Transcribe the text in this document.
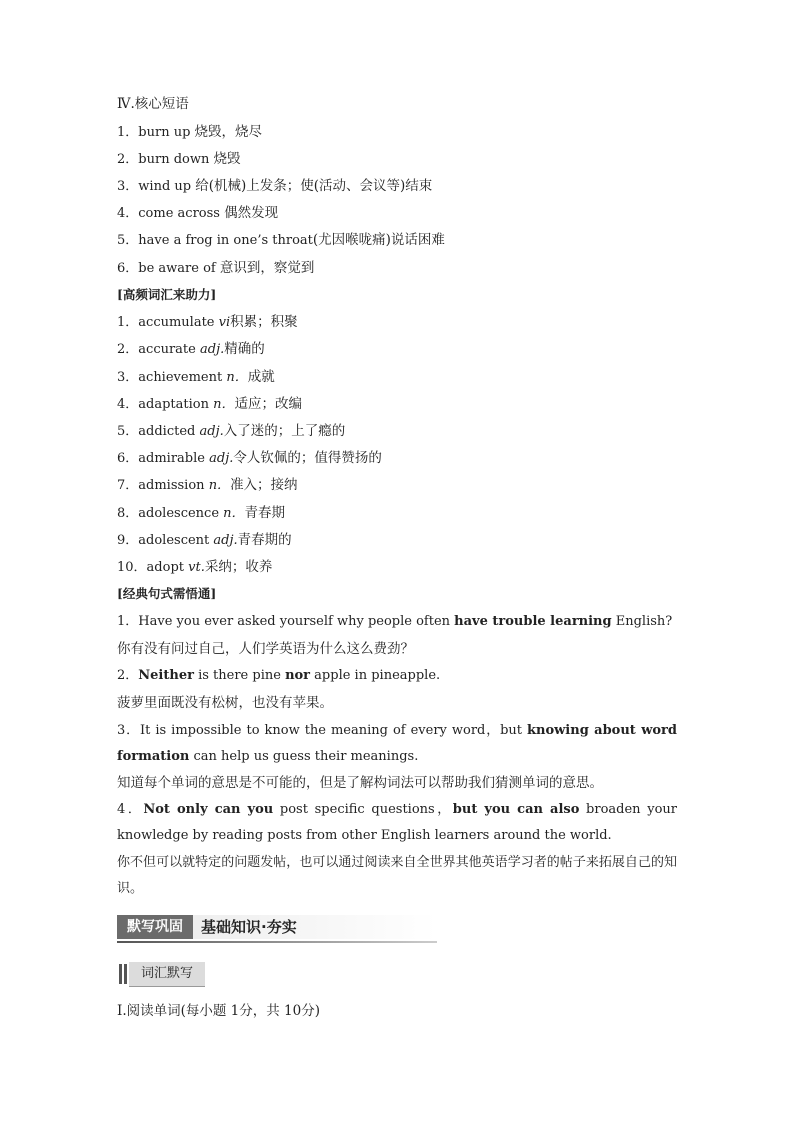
Ⅳ.核心短语
1．burn up 烧毁，烧尽
2．burn down 烧毁
3．wind up 给(机械)上发条；使(活动、会议等)结束
4．come across 偶然发现
5．have a frog in one’s throat(尤因喉咙痛)说话困难
6．be aware of 意识到，察觉到
[高频词汇来助力]
1．accumulate vi积累；积聚
2．accurate adj.精确的
3．achievement n．成就
4．adaptation n．适应；改编
5．addicted adj.入了迷的；上了瘾的
6．admirable adj.令人钦佩的；值得赞扬的
7．admission n．准入；接纳
8．adolescence n．青春期
9．adolescent adj.青春期的
10．adopt vt.采纳；收养
[经典句式需悟通]
1．Have you ever asked yourself why people often have trouble learning English?
你有没有问过自己，人们学英语为什么这么费劲？
2．Neither is there pine nor apple in pineapple.
菠萝里面既没有松树，也没有苹果。
3．It is impossible to know the meaning of every word，but knowing about word formation can help us guess their meanings.
知道每个单词的意思是不可能的，但是了解构词法可以帮助我们猜测单词的意思。
4．Not only can you post specific questions，but you can also broaden your knowledge by reading posts from other English learners around the world.
你不但可以就特定的问题发帖，也可以通过阅读来自全世界其他英语学习者的帖子来拓展自己的知识。
默写巩固	基础知识·夯实
词汇默写
Ⅰ.阅读单词(每小题 1分，共 10分)
